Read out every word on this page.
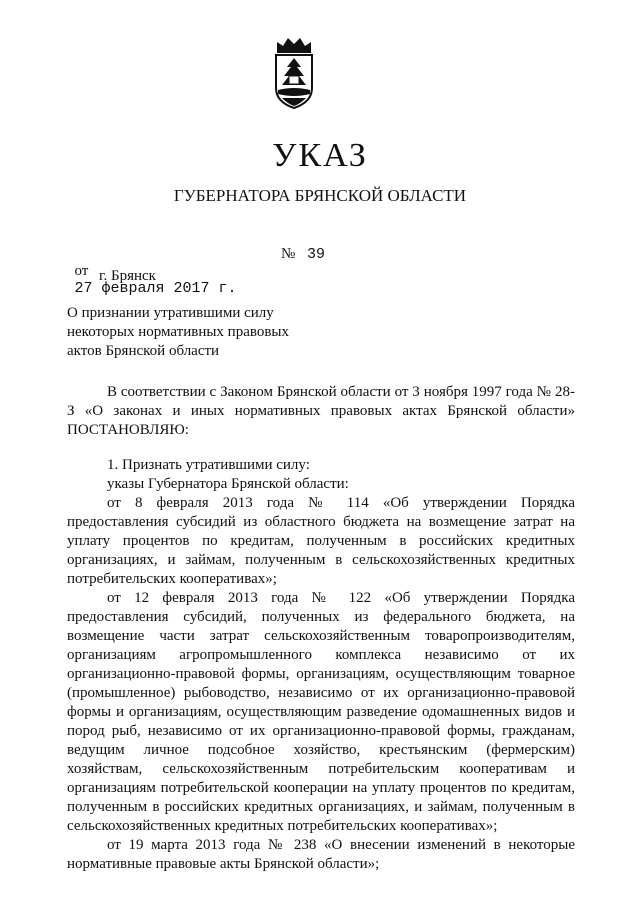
УКАЗ
ГУБЕРНАТОРА БРЯНСКОЙ ОБЛАСТИ

от
27 февраля 2017 г.

№

39

г. Брянск
О признании утратившими силу
некоторых нормативных правовых
актов Брянской области
В соответствии с Законом Брянской области от 3 ноября 1997 года № 28-З «О законах и иных нормативных правовых актах Брянской области» ПОСТАНОВЛЯЮ:
1. Признать утратившими силу:
указы Губернатора Брянской области:
от 8 февраля 2013 года № 114 «Об утверждении Порядка предоставления субсидий из областного бюджета на возмещение затрат на уплату процентов по кредитам, полученным в российских кредитных организациях, и займам, полученным в сельскохозяйственных кредитных потребительских кооперативах»;
от 12 февраля 2013 года № 122 «Об утверждении Порядка предоставления субсидий, полученных из федерального бюджета, на возмещение части затрат сельскохозяйственным товаропроизводителям, организациям агропромышленного комплекса независимо от их организационно-правовой формы, организациям, осуществляющим товарное (промышленное) рыбоводство, независимо от их организационно-правовой формы и организациям, осуществляющим разведение одомашненных видов и пород рыб, независимо от их организационно-правовой формы, гражданам, ведущим личное подсобное хозяйство, крестьянским (фермерским) хозяйствам, сельскохозяйственным потребительским кооперативам и организациям потребительской кооперации на уплату процентов по кредитам, полученным в российских кредитных организациях, и займам, полученным в сельскохозяйственных кредитных потребительских кооперативах»;
от 19 марта 2013 года № 238 «О внесении изменений в некоторые нормативные правовые акты Брянской области»;
